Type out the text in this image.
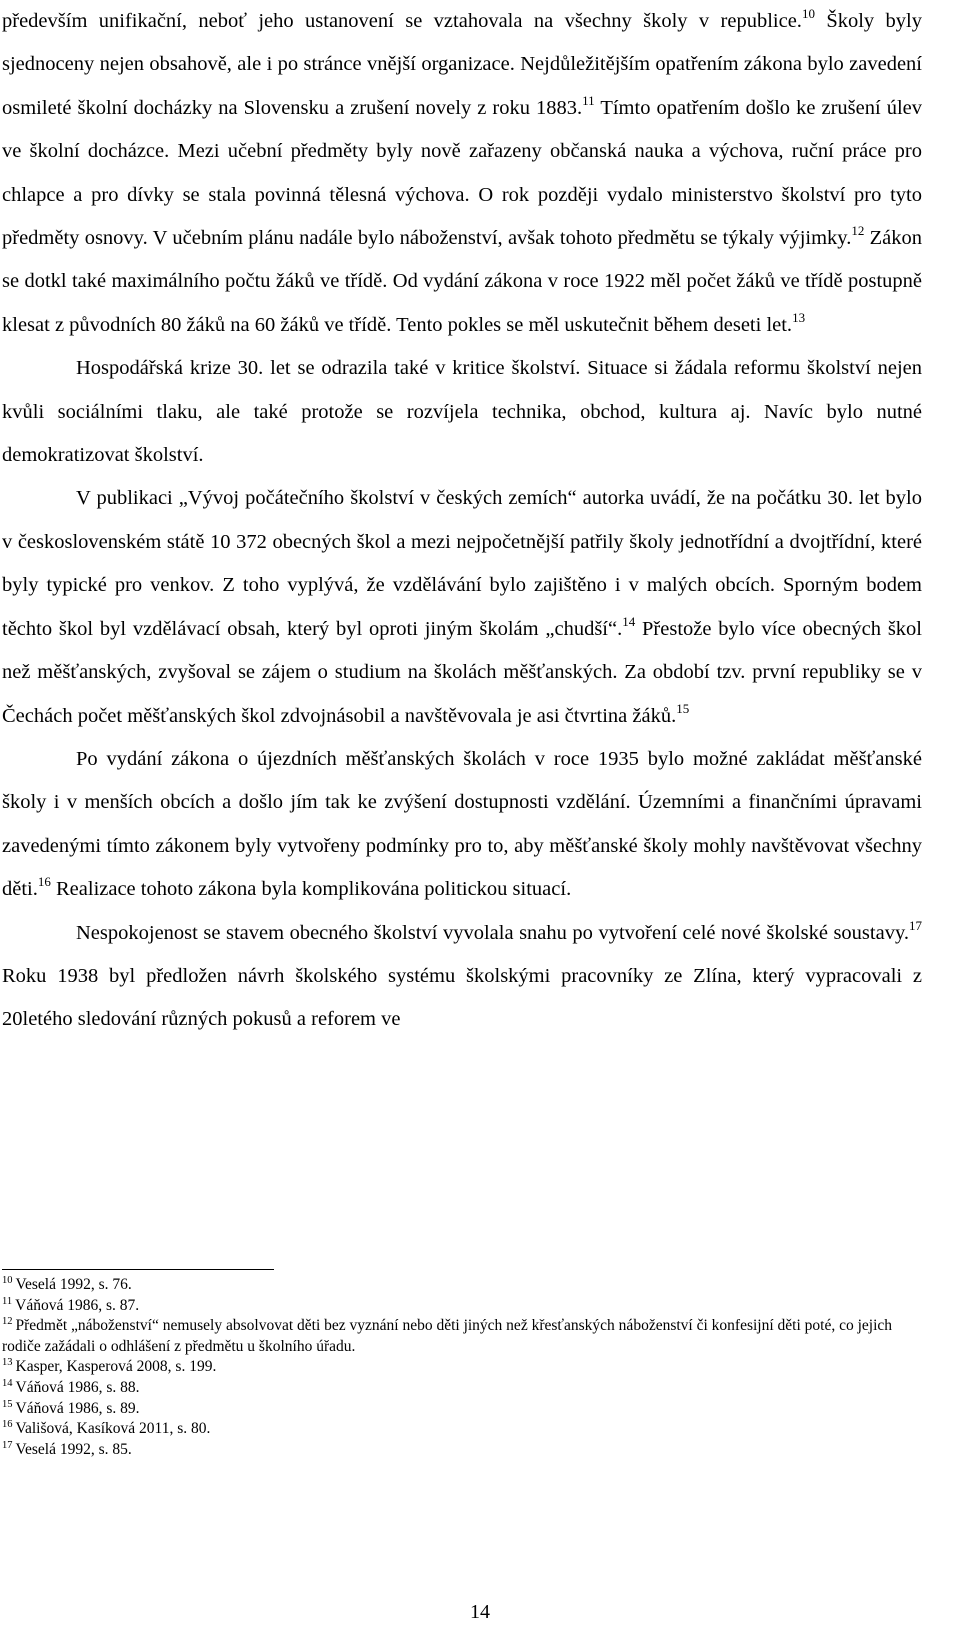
především unifikační, neboť jeho ustanovení se vztahovala na všechny školy v republice.$^{10}$ Školy byly sjednoceny nejen obsahově, ale i po stránce vnější organizace. Nejdůležitějším opatřením zákona bylo zavedení osmileté školní docházky na Slovensku a zrušení novely z roku 1883.11 Tímto opatřením došlo ke zrušení úlev ve školní docházce. Mezi učební předměty byly nově zařazeny občanská nauka a výchova, ruční práce pro chlapce a pro dívky se stala povinná tělesná výchova. O rok později vydalo ministerstvo školství pro tyto předměty osnovy. V učebním plánu nadále bylo náboženství, avšak tohoto předmětu se týkaly výjimky.$^{12}$ Zákon se dotkl také maximálního počtu žáků ve třídě. Od vydání zákona v roce 1922 měl počet žáků ve třídě postupně klesat z původních 80 žáků na 60 žáků ve třídě. Tento pokles se měl uskutečnit během deseti let.$^{13}$

Hospodářská krize 30. let se odrazila také v kritice školství. Situace si žádala reformu školství nejen kvůli sociálními tlaku, ale také protože se rozvíjela technika, obchod, kultura aj. Navíc bylo nutné demokratizovat školství.

V publikaci „Vývoj počátečního školství v českých zemích“ autorka uvádí, že na počátku 30. let bylo v československém státě 10 372 obecných škol a mezi nejpočetnější patřily školy jednotřídní a dvojtřídní, které byly typické pro venkov. Z toho vyplývá, že vzdělávání bylo zajištěno i v malých obcích. Sporným bodem těchto škol byl vzdělávací obsah, který byl oproti jiným školám „chudší“.$^{14}$ Přestože bylo více obecných škol než měšťanských, zvyšoval se zájem o studium na školách měšťanských. Za období tzv. první republiky se v Čechách počet měšťanských škol zdvojnásobil a navštěvovala je asi čtvrtina žáků.$^{15}$

Po vydání zákona o újezdních měšťanských školách v roce 1935 bylo možné zakládat měšťanské školy i v menších obcích a došlo jím tak ke zvýšení dostupnosti vzdělání. Územními a finančními úpravami zavedenými tímto zákonem byly vytvořeny podmínky pro to, aby měšťanské školy mohly navštěvovat všechny děti.$^{16}$ Realizace tohoto zákona byla komplikována politickou situací.

Nespokojenost se stavem obecného školství vyvolala snahu po vytvoření celé nové školské soustavy.$^{17}$ Roku 1938 byl předložen návrh školského systému školskými pracovníky ze Zlína, který vypracovali z 20letého sledování různých pokusů a reforem ve

$^{10}$ Veselá 1992, s. 76.
$^{11}$ Váňová 1986, s. 87.
$^{12}$ Předmět „náboženství“ nemusely absolvovat děti bez vyznání nebo děti jiných než křesťanských náboženství či konfesijní děti poté, co jejich rodiče zažádali o odhlášení z předmětu u školního úřadu.
$^{13}$ Kasper, Kasperová 2008, s. 199.
$^{14}$ Váňová 1986, s. 88.
$^{15}$ Váňová 1986, s. 89.
$^{16}$ Vališová, Kasíková 2011, s. 80.
$^{17}$ Veselá 1992, s. 85.
14
